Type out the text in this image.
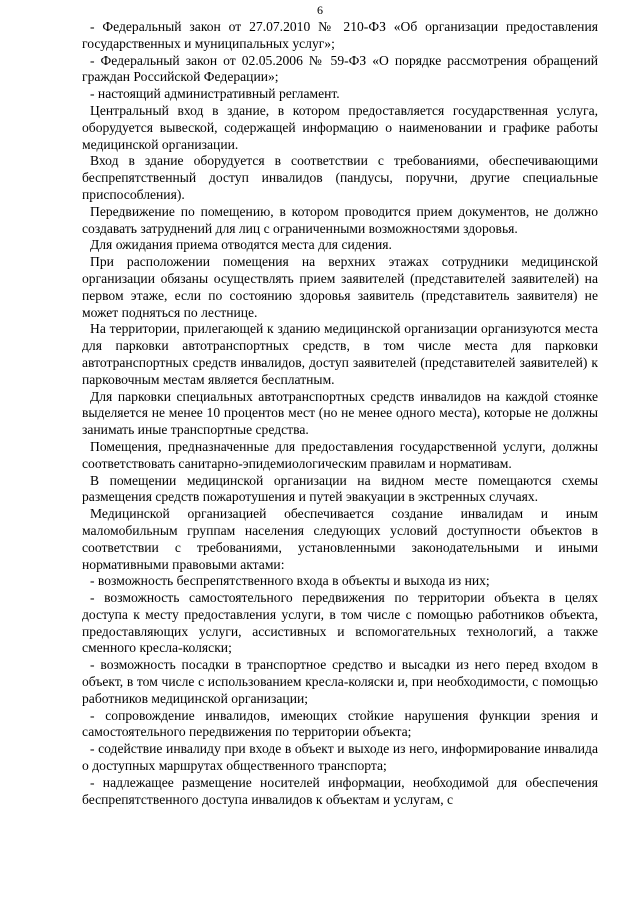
6

- Федеральный закон от 27.07.2010 № 210-ФЗ «Об организации предоставления государственных и муниципальных услуг»;

- Федеральный закон от 02.05.2006 № 59-ФЗ «О порядке рассмотрения обращений граждан Российской Федерации»;

- настоящий административный регламент.

Центральный вход в здание, в котором предоставляется государственная услуга, оборудуется вывеской, содержащей информацию о наименовании и графике работы медицинской организации.

Вход в здание оборудуется в соответствии с требованиями, обеспечивающими беспрепятственный доступ инвалидов (пандусы, поручни, другие специальные приспособления).

Передвижение по помещению, в котором проводится прием документов, не должно создавать затруднений для лиц с ограниченными возможностями здоровья.

Для ожидания приема отводятся места для сидения.

При расположении помещения на верхних этажах сотрудники медицинской организации обязаны осуществлять прием заявителей (представителей заявителей) на первом этаже, если по состоянию здоровья заявитель (представитель заявителя) не может подняться по лестнице.

На территории, прилегающей к зданию медицинской организации организуются места для парковки автотранспортных средств, в том числе места для парковки автотранспортных средств инвалидов, доступ заявителей (представителей заявителей) к парковочным местам является бесплатным.

Для парковки специальных автотранспортных средств инвалидов на каждой стоянке выделяется не менее 10 процентов мест (но не менее одного места), которые не должны занимать иные транспортные средства.

Помещения, предназначенные для предоставления государственной услуги, должны соответствовать санитарно-эпидемиологическим правилам и нормативам.

В помещении медицинской организации на видном месте помещаются схемы размещения средств пожаротушения и путей эвакуации в экстренных случаях.

Медицинской организацией обеспечивается создание инвалидам и иным маломобильным группам населения следующих условий доступности объектов в соответствии с требованиями, установленными законодательными и иными нормативными правовыми актами:

- возможность беспрепятственного входа в объекты и выхода из них;

- возможность самостоятельного передвижения по территории объекта в целях доступа к месту предоставления услуги, в том числе с помощью работников объекта, предоставляющих услуги, ассистивных и вспомогательных технологий, а также сменного кресла-коляски;

- возможность посадки в транспортное средство и высадки из него перед входом в объект, в том числе с использованием кресла-коляски и, при необходимости, с помощью работников медицинской организации;

- сопровождение инвалидов, имеющих стойкие нарушения функции зрения и самостоятельного передвижения по территории объекта;

- содействие инвалиду при входе в объект и выходе из него, информирование инвалида о доступных маршрутах общественного транспорта;

- надлежащее размещение носителей информации, необходимой для обеспечения беспрепятственного доступа инвалидов к объектам и услугам, с
